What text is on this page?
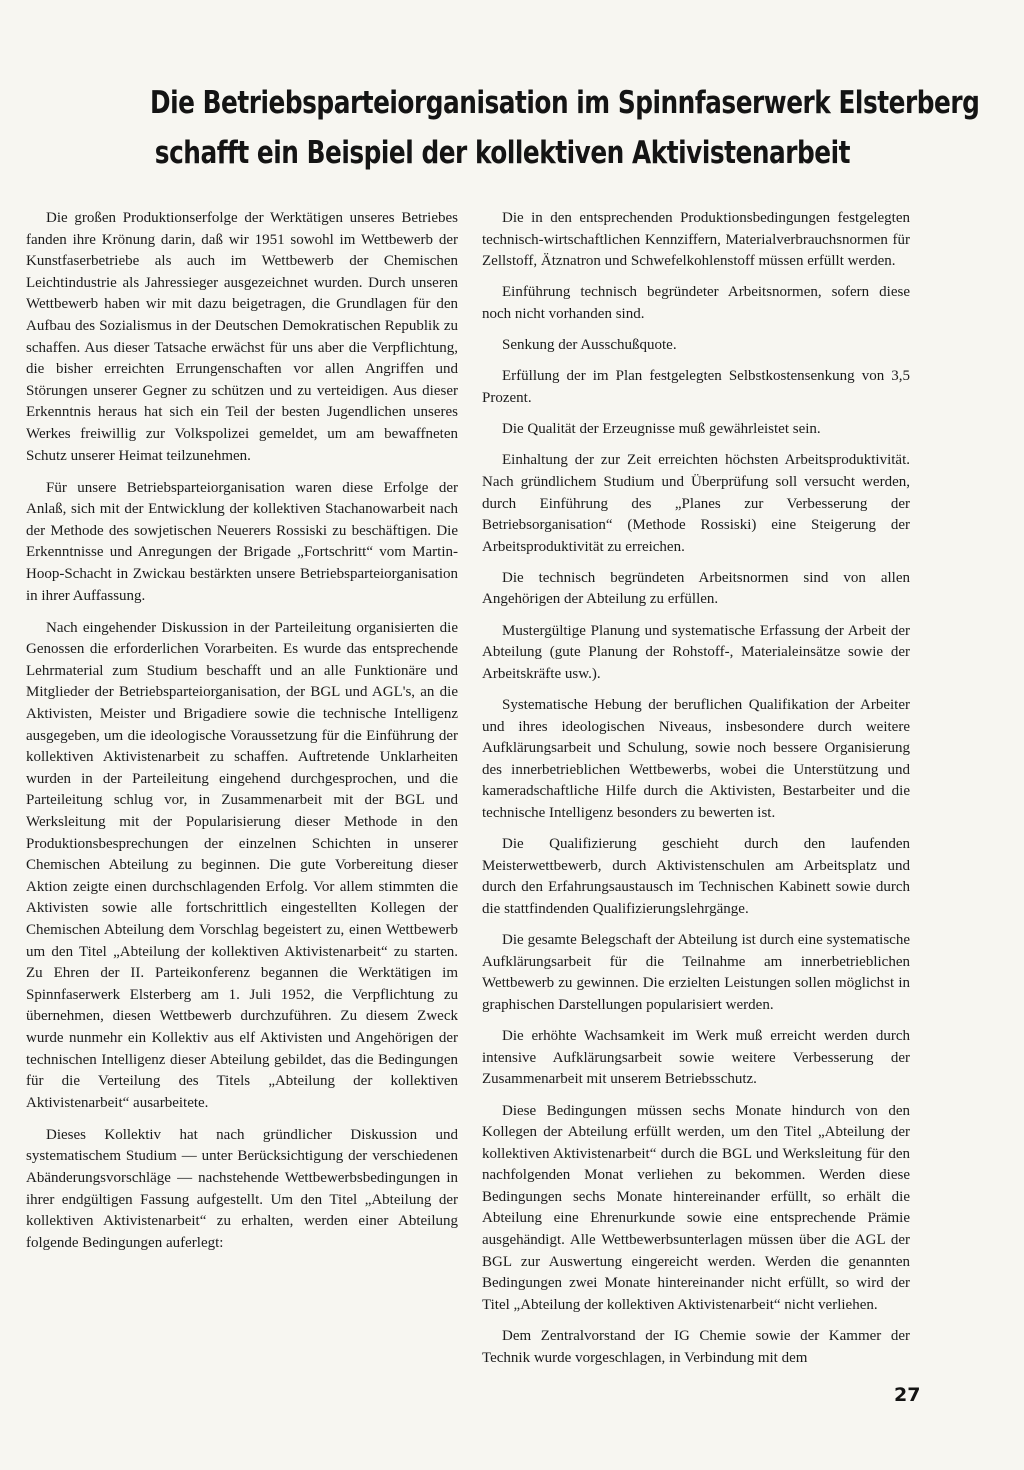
Die Betriebsparteiorganisation im Spinnfaserwerk Elsterberg
schafft ein Beispiel der kollektiven Aktivistenarbeit

Die großen Produktionserfolge der Werktätigen unseres Betriebes fanden ihre Krönung darin, daß wir 1951 sowohl im Wettbewerb der Kunstfaserbetriebe als auch im Wettbewerb der Chemischen Leichtindustrie als Jahressieger ausgezeichnet wurden. Durch unseren Wettbewerb haben wir mit dazu beigetragen, die Grundlagen für den Aufbau des Sozialismus in der Deutschen Demokratischen Republik zu schaffen. Aus dieser Tatsache erwächst für uns aber die Verpflichtung, die bisher erreichten Errungenschaften vor allen Angriffen und Störungen unserer Gegner zu schützen und zu verteidigen. Aus dieser Erkenntnis heraus hat sich ein Teil der besten Jugendlichen unseres Werkes freiwillig zur Volkspolizei gemeldet, um am bewaffneten Schutz unserer Heimat teilzunehmen.

Für unsere Betriebsparteiorganisation waren diese Erfolge der Anlaß, sich mit der Entwicklung der kollektiven Stachanowarbeit nach der Methode des sowjetischen Neuerers Rossiski zu beschäftigen. Die Erkenntnisse und Anregungen der Brigade „Fortschritt“ vom Martin-Hoop-Schacht in Zwickau bestärkten unsere Betriebsparteiorganisation in ihrer Auffassung.

Nach eingehender Diskussion in der Parteileitung organisierten die Genossen die erforderlichen Vorarbeiten. Es wurde das entsprechende Lehrmaterial zum Studium beschafft und an alle Funktionäre und Mitglieder der Betriebsparteiorganisation, der BGL und AGL's, an die Aktivisten, Meister und Brigadiere sowie die technische Intelligenz ausgegeben, um die ideologische Voraussetzung für die Einführung der kollektiven Aktivistenarbeit zu schaffen. Auftretende Unklarheiten wurden in der Parteileitung eingehend durchgesprochen, und die Parteileitung schlug vor, in Zusammenarbeit mit der BGL und Werksleitung mit der Popularisierung dieser Methode in den Produktionsbesprechungen der einzelnen Schichten in unserer Chemischen Abteilung zu beginnen. Die gute Vorbereitung dieser Aktion zeigte einen durchschlagenden Erfolg. Vor allem stimmten die Aktivisten sowie alle fortschrittlich eingestellten Kollegen der Chemischen Abteilung dem Vorschlag begeistert zu, einen Wettbewerb um den Titel „Abteilung der kollektiven Aktivistenarbeit“ zu starten. Zu Ehren der II. Parteikonferenz begannen die Werktätigen im Spinnfaserwerk Elsterberg am 1. Juli 1952, die Verpflichtung zu übernehmen, diesen Wettbewerb durchzuführen. Zu diesem Zweck wurde nunmehr ein Kollektiv aus elf Aktivisten und Angehörigen der technischen Intelligenz dieser Abteilung gebildet, das die Bedingungen für die Verteilung des Titels „Abteilung der kollektiven Aktivistenarbeit“ ausarbeitete.

Dieses Kollektiv hat nach gründlicher Diskussion und systematischem Studium — unter Berücksichtigung der verschiedenen Abänderungsvorschläge — nachstehende Wettbewerbsbedingungen in ihrer endgültigen Fassung aufgestellt. Um den Titel „Abteilung der kollektiven Aktivistenarbeit“ zu erhalten, werden einer Abteilung folgende Bedingungen auferlegt:

Die in den entsprechenden Produktionsbedingungen festgelegten technisch-wirtschaftlichen Kennziffern, Materialverbrauchsnormen für Zellstoff, Ätznatron und Schwefelkohlenstoff müssen erfüllt werden.

Einführung technisch begründeter Arbeitsnormen, sofern diese noch nicht vorhanden sind.

Senkung der Ausschußquote.

Erfüllung der im Plan festgelegten Selbstkostensenkung von 3,5 Prozent.

Die Qualität der Erzeugnisse muß gewährleistet sein.

Einhaltung der zur Zeit erreichten höchsten Arbeitsproduktivität. Nach gründlichem Studium und Überprüfung soll versucht werden, durch Einführung des „Planes zur Verbesserung der Betriebsorganisation“ (Methode Rossiski) eine Steigerung der Arbeitsproduktivität zu erreichen.

Die technisch begründeten Arbeitsnormen sind von allen Angehörigen der Abteilung zu erfüllen.

Mustergültige Planung und systematische Erfassung der Arbeit der Abteilung (gute Planung der Rohstoff-, Materialeinsätze sowie der Arbeitskräfte usw.).

Systematische Hebung der beruflichen Qualifikation der Arbeiter und ihres ideologischen Niveaus, insbesondere durch weitere Aufklärungsarbeit und Schulung, sowie noch bessere Organisierung des innerbetrieblichen Wettbewerbs, wobei die Unterstützung und kameradschaftliche Hilfe durch die Aktivisten, Bestarbeiter und die technische Intelligenz besonders zu bewerten ist.

Die Qualifizierung geschieht durch den laufenden Meisterwettbewerb, durch Aktivistenschulen am Arbeitsplatz und durch den Erfahrungsaustausch im Technischen Kabinett sowie durch die stattfindenden Qualifizierungslehrgänge.

Die gesamte Belegschaft der Abteilung ist durch eine systematische Aufklärungsarbeit für die Teilnahme am innerbetrieblichen Wettbewerb zu gewinnen. Die erzielten Leistungen sollen möglichst in graphischen Darstellungen popularisiert werden.

Die erhöhte Wachsamkeit im Werk muß erreicht werden durch intensive Aufklärungsarbeit sowie weitere Verbesserung der Zusammenarbeit mit unserem Betriebsschutz.

Diese Bedingungen müssen sechs Monate hindurch von den Kollegen der Abteilung erfüllt werden, um den Titel „Abteilung der kollektiven Aktivistenarbeit“ durch die BGL und Werksleitung für den nachfolgenden Monat verliehen zu bekommen. Werden diese Bedingungen sechs Monate hintereinander erfüllt, so erhält die Abteilung eine Ehrenurkunde sowie eine entsprechende Prämie ausgehändigt. Alle Wettbewerbsunterlagen müssen über die AGL der BGL zur Auswertung eingereicht werden. Werden die genannten Bedingungen zwei Monate hintereinander nicht erfüllt, so wird der Titel „Abteilung der kollektiven Aktivistenarbeit“ nicht verliehen.

Dem Zentralvorstand der IG Chemie sowie der Kammer der Technik wurde vorgeschlagen, in Verbindung mit dem

27
